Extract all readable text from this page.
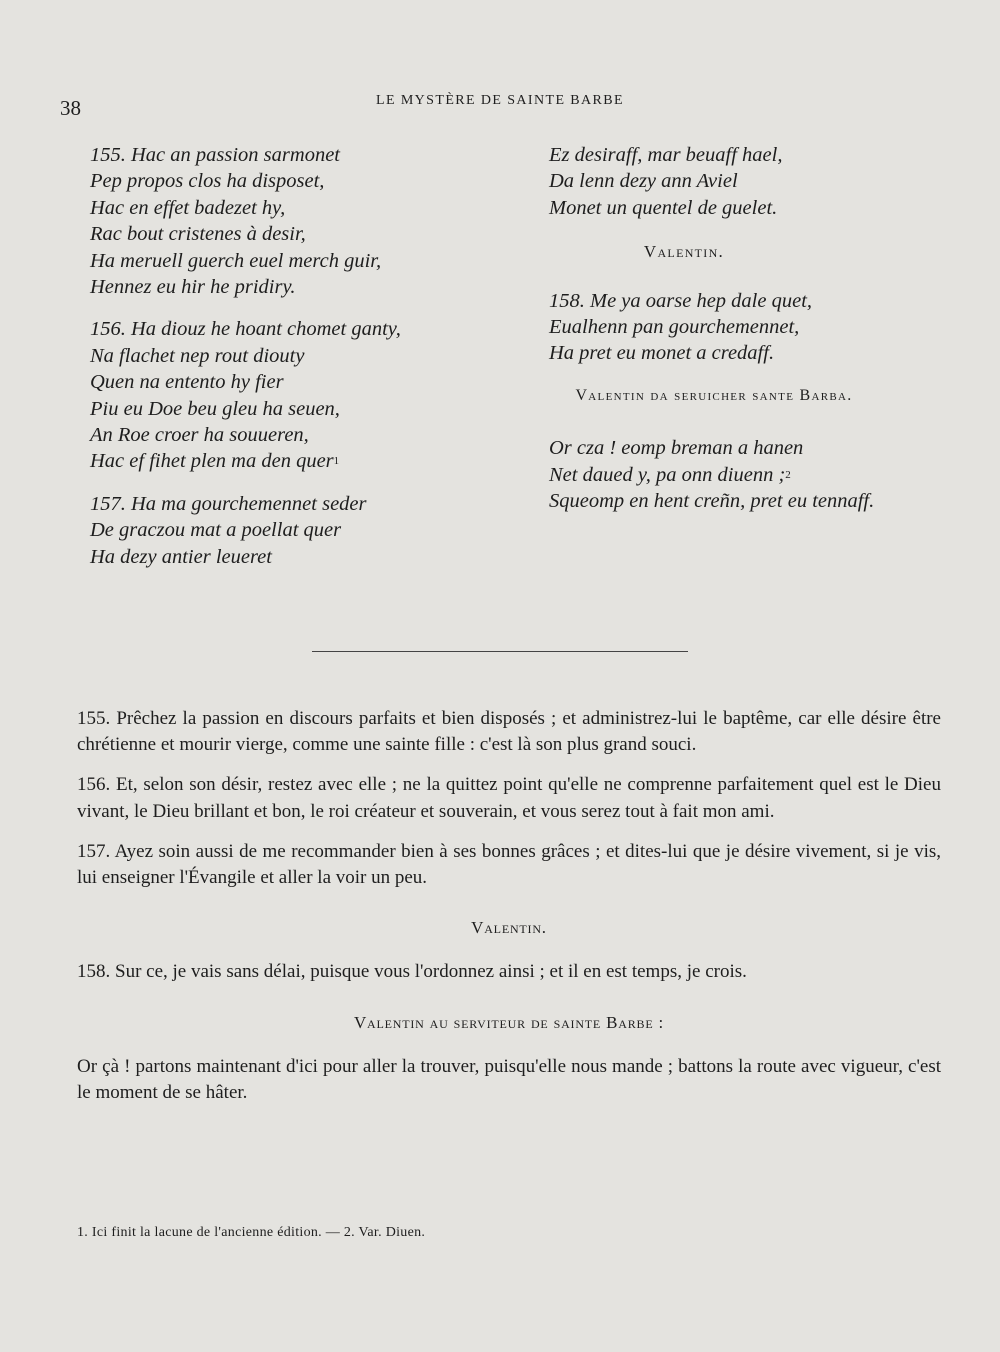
38	LE MYSTÈRE DE SAINTE BARBE
155. Hac an passion sarmonet
Pep propos clos ha disposet,
Hac en effet badezet hy,
Rac bout cristenes à desir,
Ha meruell guerch euel merch guir,
Hennez eu hir he pridiry.
156. Ha diouz he hoant chomet ganty,
Na flachet nep rout diouty
Quen na entento hy fier
Piu eu Doe beu gleu ha seuen,
An Roe croer ha souueren,
Hac ef fihet plen ma den quer$^1$
157. Ha ma gourchemennet seder
De graczou mat a poellat quer
Ha dezy antier leueret
Ez desiraff, mar beuaff hael,
Da lenn dezy ann Aviel
Monet un quentel de guelet.
Valentin.
158. Me ya oarse hep dale quet,
Eualhenn pan gourchemennet,
Ha pret eu monet a credaff.
Valentin da seruicher sante Barba.
Or cza ! eomp breman a hanen
Net daued y, pa onn diuenn ;$^2$
Squeomp en hent creñn, pret eu tennaff.

155. Prêchez la passion en discours parfaits et bien disposés ; et administrez-lui le baptême, car elle désire être chrétienne et mourir vierge, comme une sainte fille : c'est là son plus grand souci.

156. Et, selon son désir, restez avec elle ; ne la quittez point qu'elle ne comprenne parfaitement quel est le Dieu vivant, le Dieu brillant et bon, le roi créateur et souverain, et vous serez tout à fait mon ami.

157. Ayez soin aussi de me recommander bien à ses bonnes grâces ; et dites-lui que je désire vivement, si je vis, lui enseigner l'Évangile et aller la voir un peu.

Valentin.

158. Sur ce, je vais sans délai, puisque vous l'ordonnez ainsi ; et il en est temps, je crois.

Valentin au serviteur de sainte Barbe :

Or çà ! partons maintenant d'ici pour aller la trouver, puisqu'elle nous mande ; battons la route avec vigueur, c'est le moment de se hâter.

1. Ici finit la lacune de l'ancienne édition. — 2. Var. Diuen.
